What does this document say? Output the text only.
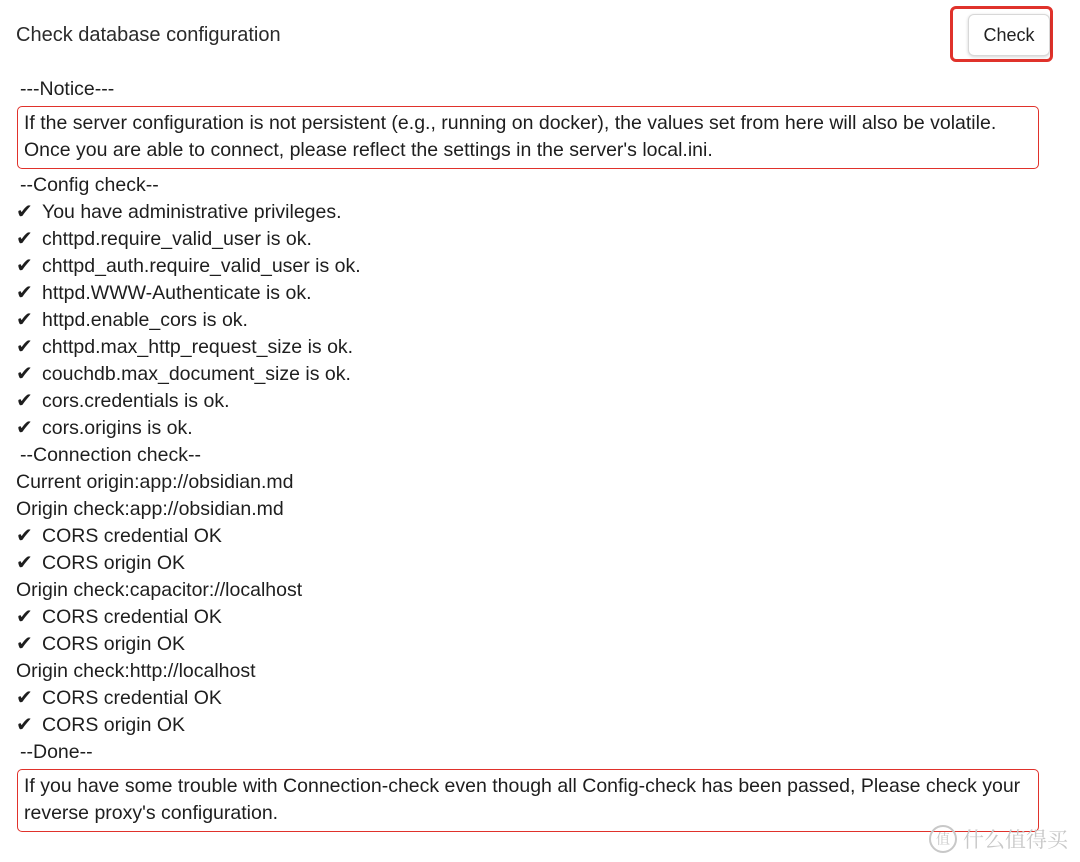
Check database configuration	Check
---Notice---
If the server configuration is not persistent (e.g., running on docker), the values set from here will also be volatile. Once you are able to connect, please reflect the settings in the server's local.ini.
--Config check--
✔ You have administrative privileges.
✔ chttpd.require_valid_user is ok.
✔ chttpd_auth.require_valid_user is ok.
✔ httpd.WWW-Authenticate is ok.
✔ httpd.enable_cors is ok.
✔ chttpd.max_http_request_size is ok.
✔ couchdb.max_document_size is ok.
✔ cors.credentials is ok.
✔ cors.origins is ok.
--Connection check--
Current origin:app://obsidian.md
Origin check:app://obsidian.md
✔ CORS credential OK
✔ CORS origin OK
Origin check:capacitor://localhost
✔ CORS credential OK
✔ CORS origin OK
Origin check:http://localhost
✔ CORS credential OK
✔ CORS origin OK
--Done--
If you have some trouble with Connection-check even though all Config-check has been passed, Please check your reverse proxy's configuration.
值 什么值得买
